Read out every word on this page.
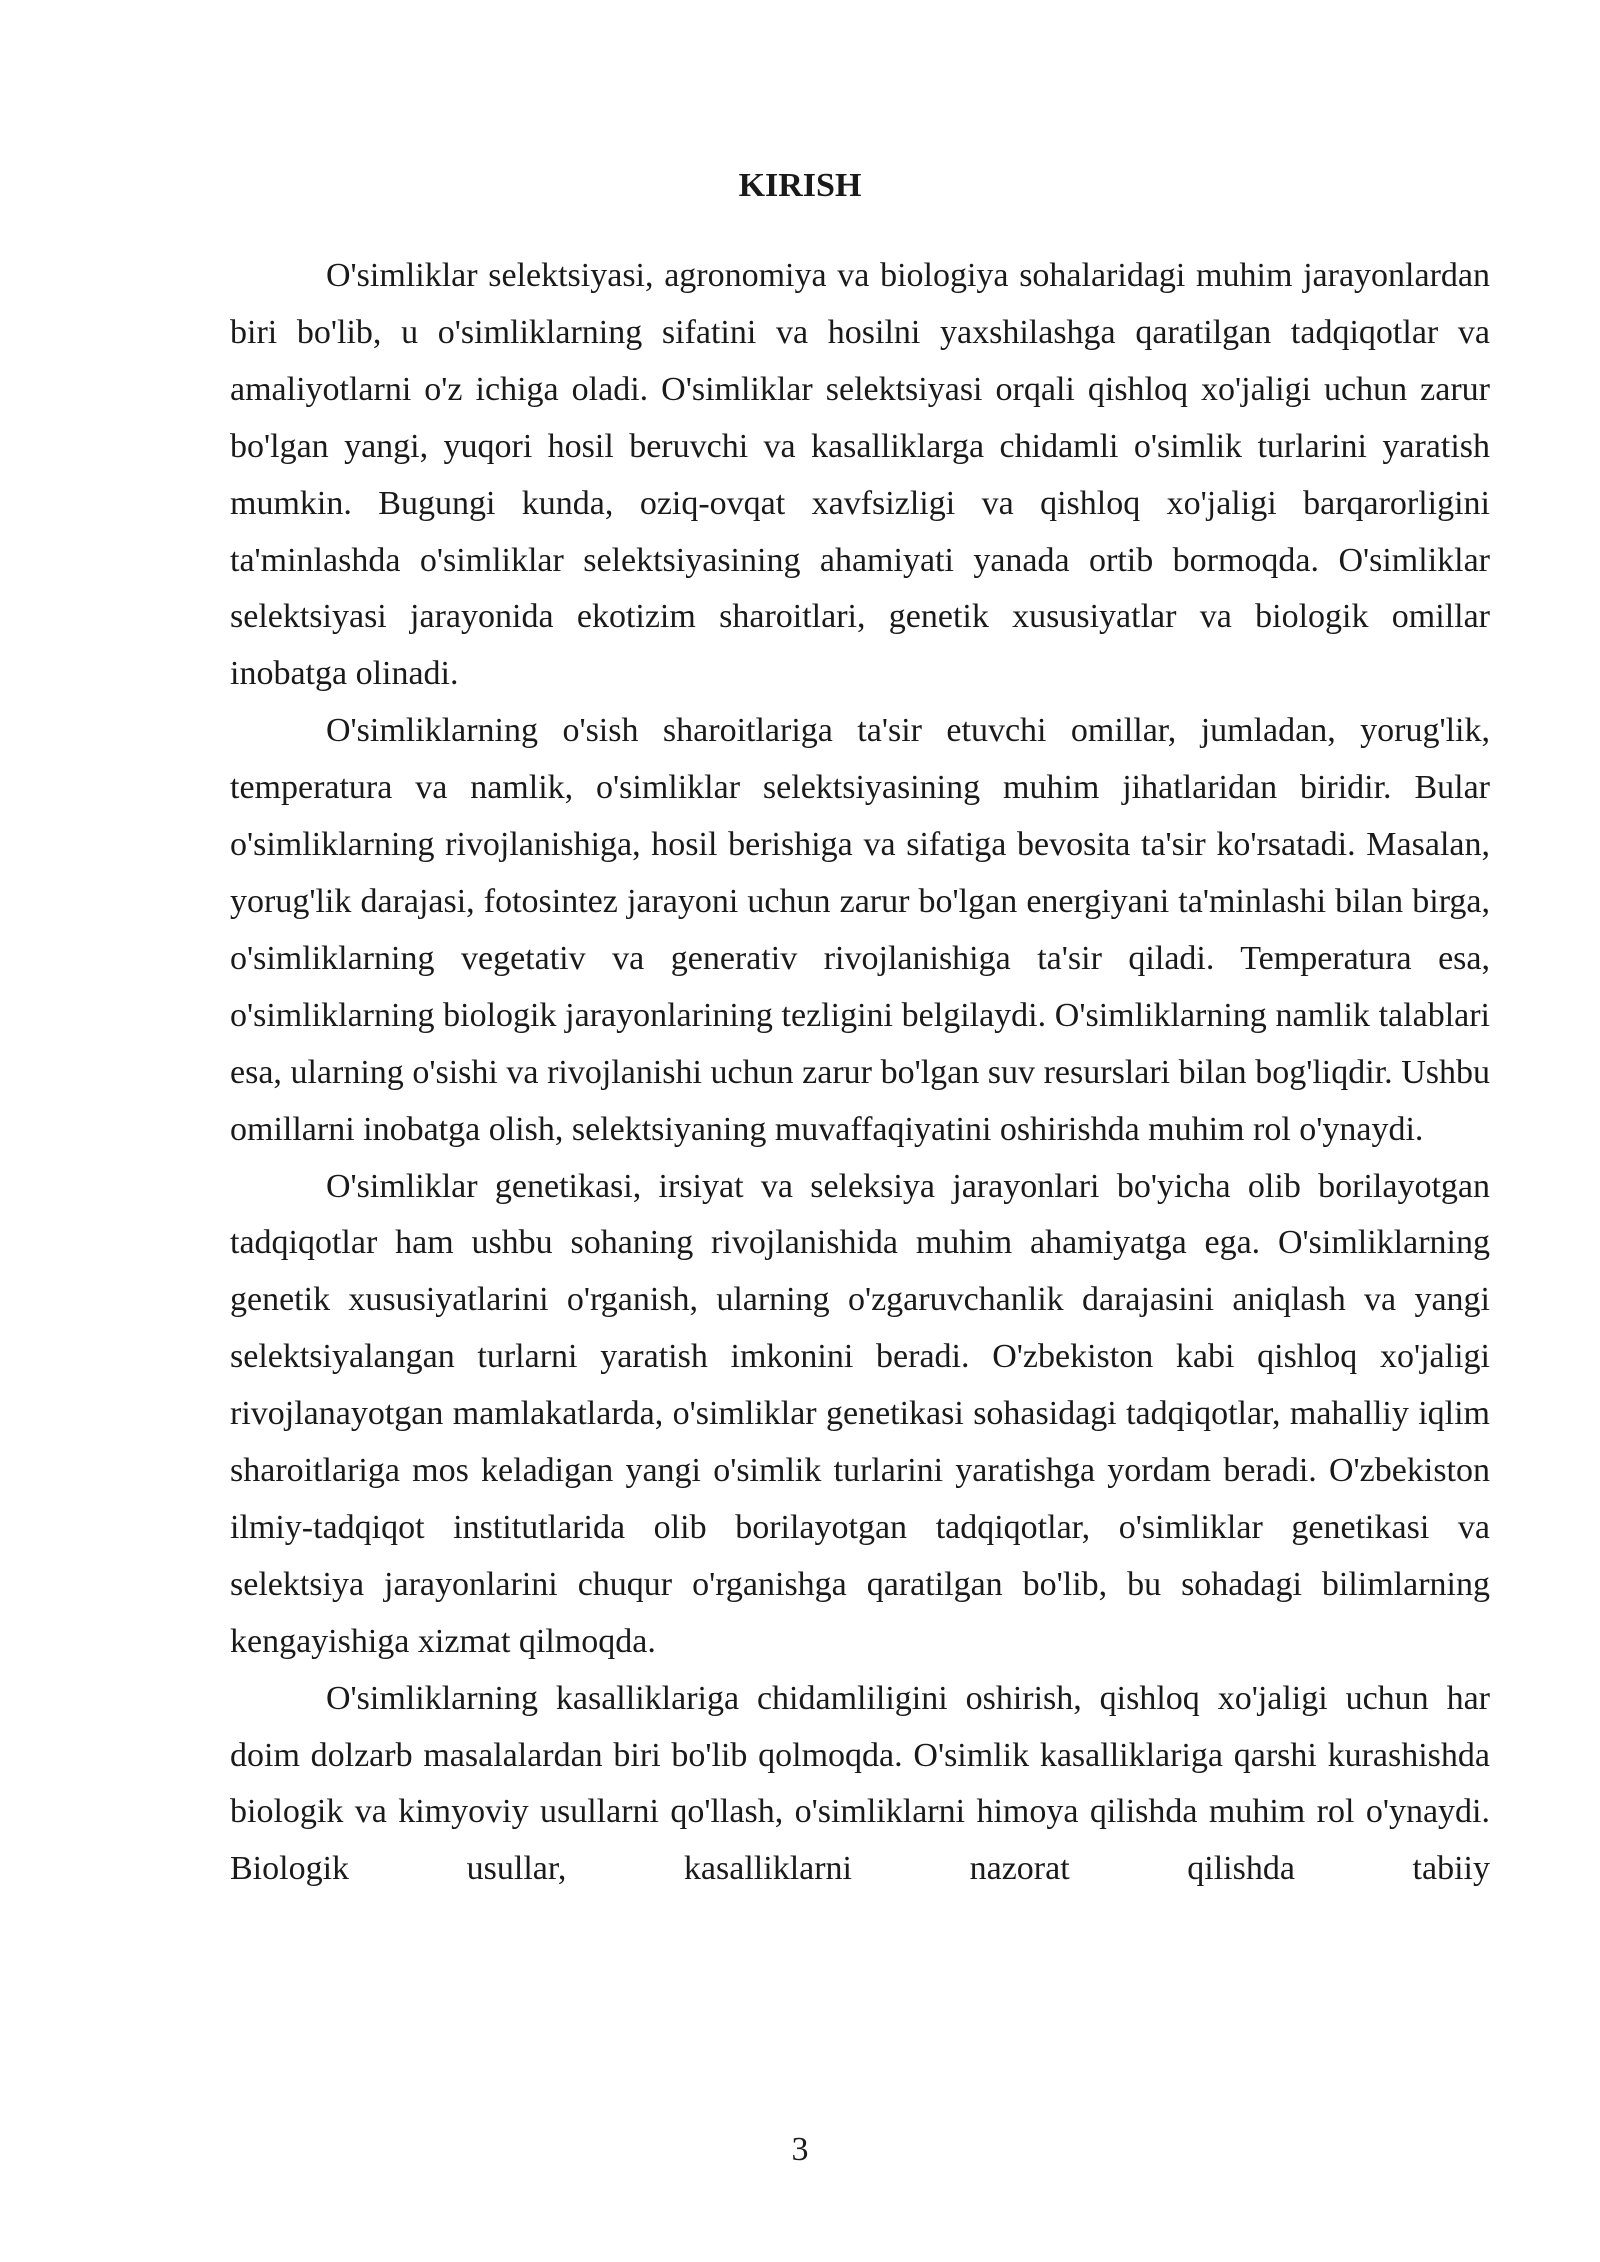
KIRISH

O'simliklar selektsiyasi, agronomiya va biologiya sohalaridagi muhim jarayonlardan biri bo'lib, u o'simliklarning sifatini va hosilni yaxshilashga qaratilgan tadqiqotlar va amaliyotlarni o'z ichiga oladi. O'simliklar selektsiyasi orqali qishloq xo'jaligi uchun zarur bo'lgan yangi, yuqori hosil beruvchi va kasalliklarga chidamli o'simlik turlarini yaratish mumkin. Bugungi kunda, oziq-ovqat xavfsizligi va qishloq xo'jaligi barqarorligini ta'minlashda o'simliklar selektsiyasining ahamiyati yanada ortib bormoqda. O'simliklar selektsiyasi jarayonida ekotizim sharoitlari, genetik xususiyatlar va biologik omillar inobatga olinadi.

O'simliklarning o'sish sharoitlariga ta'sir etuvchi omillar, jumladan, yorug'lik, temperatura va namlik, o'simliklar selektsiyasining muhim jihatlaridan biridir. Bular o'simliklarning rivojlanishiga, hosil berishiga va sifatiga bevosita ta'sir ko'rsatadi. Masalan, yorug'lik darajasi, fotosintez jarayoni uchun zarur bo'lgan energiyani ta'minlashi bilan birga, o'simliklarning vegetativ va generativ rivojlanishiga ta'sir qiladi. Temperatura esa, o'simliklarning biologik jarayonlarining tezligini belgilaydi. O'simliklarning namlik talablari esa, ularning o'sishi va rivojlanishi uchun zarur bo'lgan suv resurslari bilan bog'liqdir. Ushbu omillarni inobatga olish, selektsiyaning muvaffaqiyatini oshirishda muhim rol o'ynaydi.

O'simliklar genetikasi, irsiyat va seleksiya jarayonlari bo'yicha olib borilayotgan tadqiqotlar ham ushbu sohaning rivojlanishida muhim ahamiyatga ega. O'simliklarning genetik xususiyatlarini o'rganish, ularning o'zgaruvchanlik darajasini aniqlash va yangi selektsiyalangan turlarni yaratish imkonini beradi. O'zbekiston kabi qishloq xo'jaligi rivojlanayotgan mamlakatlarda, o'simliklar genetikasi sohasidagi tadqiqotlar, mahalliy iqlim sharoitlariga mos keladigan yangi o'simlik turlarini yaratishga yordam beradi. O'zbekiston ilmiy-tadqiqot institutlarida olib borilayotgan tadqiqotlar, o'simliklar genetikasi va selektsiya jarayonlarini chuqur o'rganishga qaratilgan bo'lib, bu sohadagi bilimlarning kengayishiga xizmat qilmoqda.

O'simliklarning kasalliklariga chidamliligini oshirish, qishloq xo'jaligi uchun har doim dolzarb masalalardan biri bo'lib qolmoqda. O'simlik kasalliklariga qarshi kurashishda biologik va kimyoviy usullarni qo'llash, o'simliklarni himoya qilishda muhim rol o'ynaydi. Biologik usullar, kasalliklarni nazorat qilishda tabiiy

3
